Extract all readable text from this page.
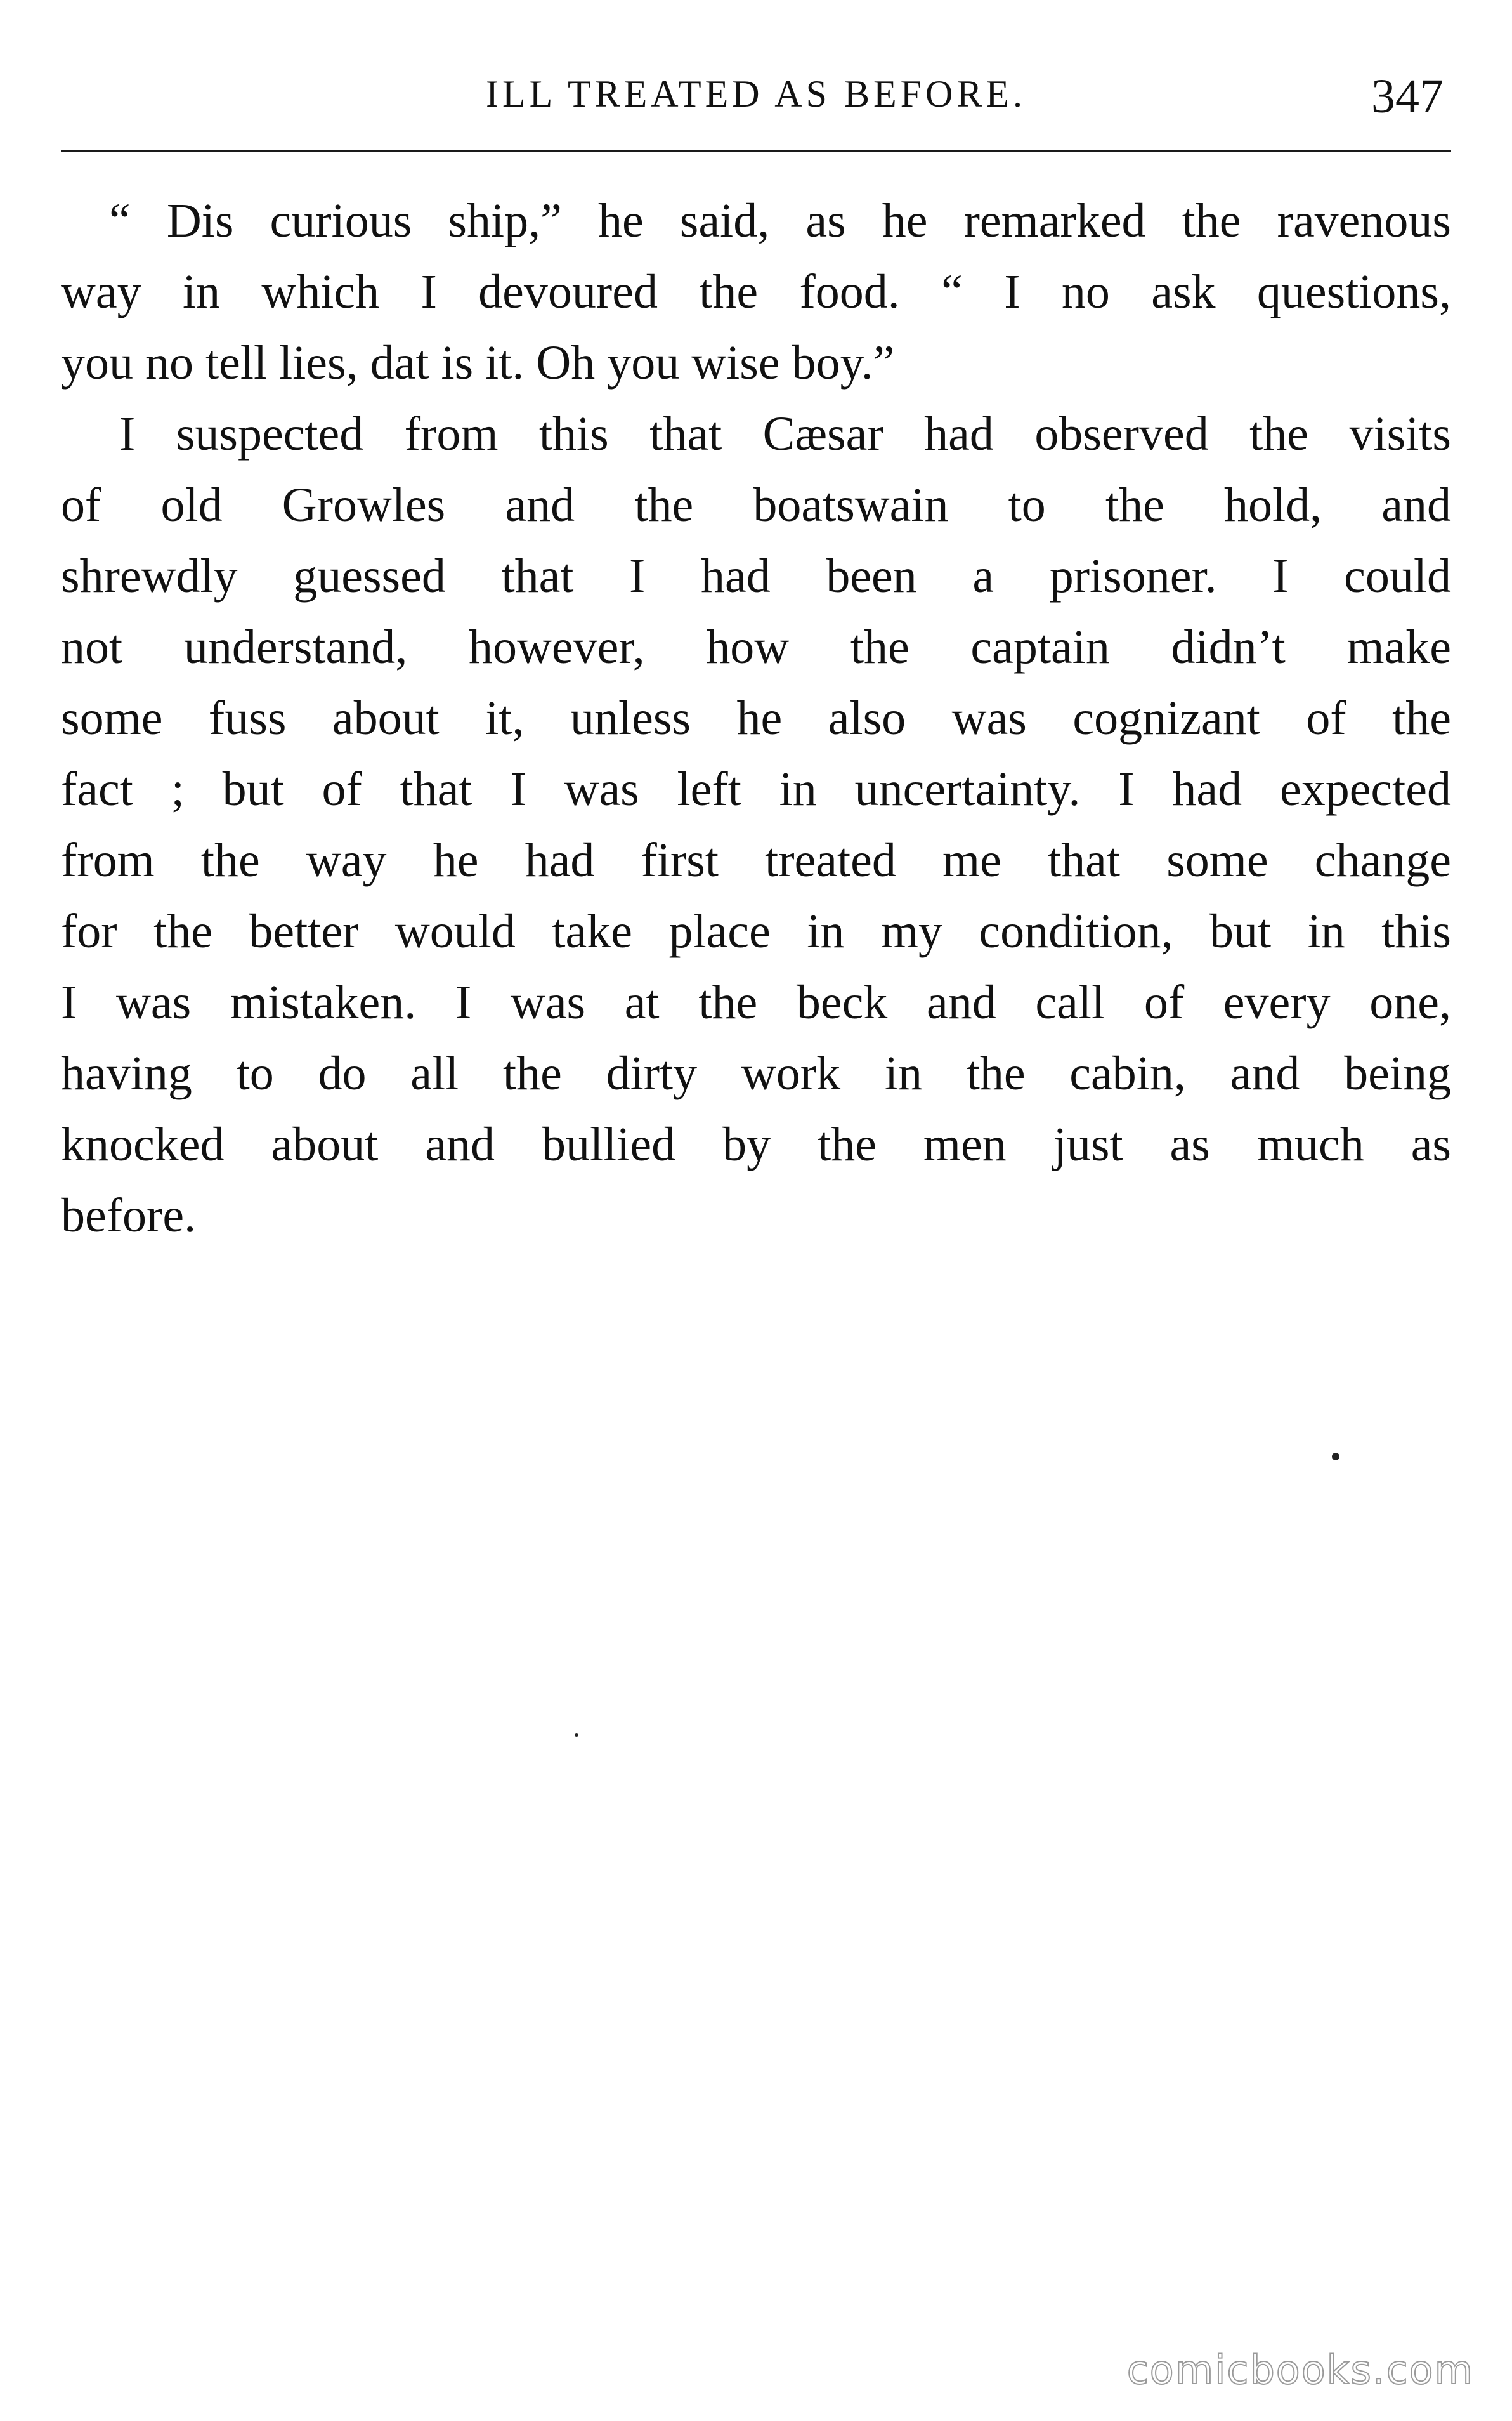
ILL TREATED AS BEFORE.	347
“ Dis curious ship,” he said, as he remarked the ravenous
way in which I devoured the food. “ I no ask questions,
you no tell lies, dat is it. Oh you wise boy.”
I suspected from this that Cæsar had observed the visits
of old Growles and the boatswain to the hold, and
shrewdly guessed that I had been a prisoner. I could
not understand, however, how the captain didn’t make
some fuss about it, unless he also was cognizant of the
fact ; but of that I was left in uncertainty. I had expected
from the way he had first treated me that some change
for the better would take place in my condition, but in this
I was mistaken. I was at the beck and call of every one,
having to do all the dirty work in the cabin, and being
knocked about and bullied by the men just as much as
before.
comicbooks.com
